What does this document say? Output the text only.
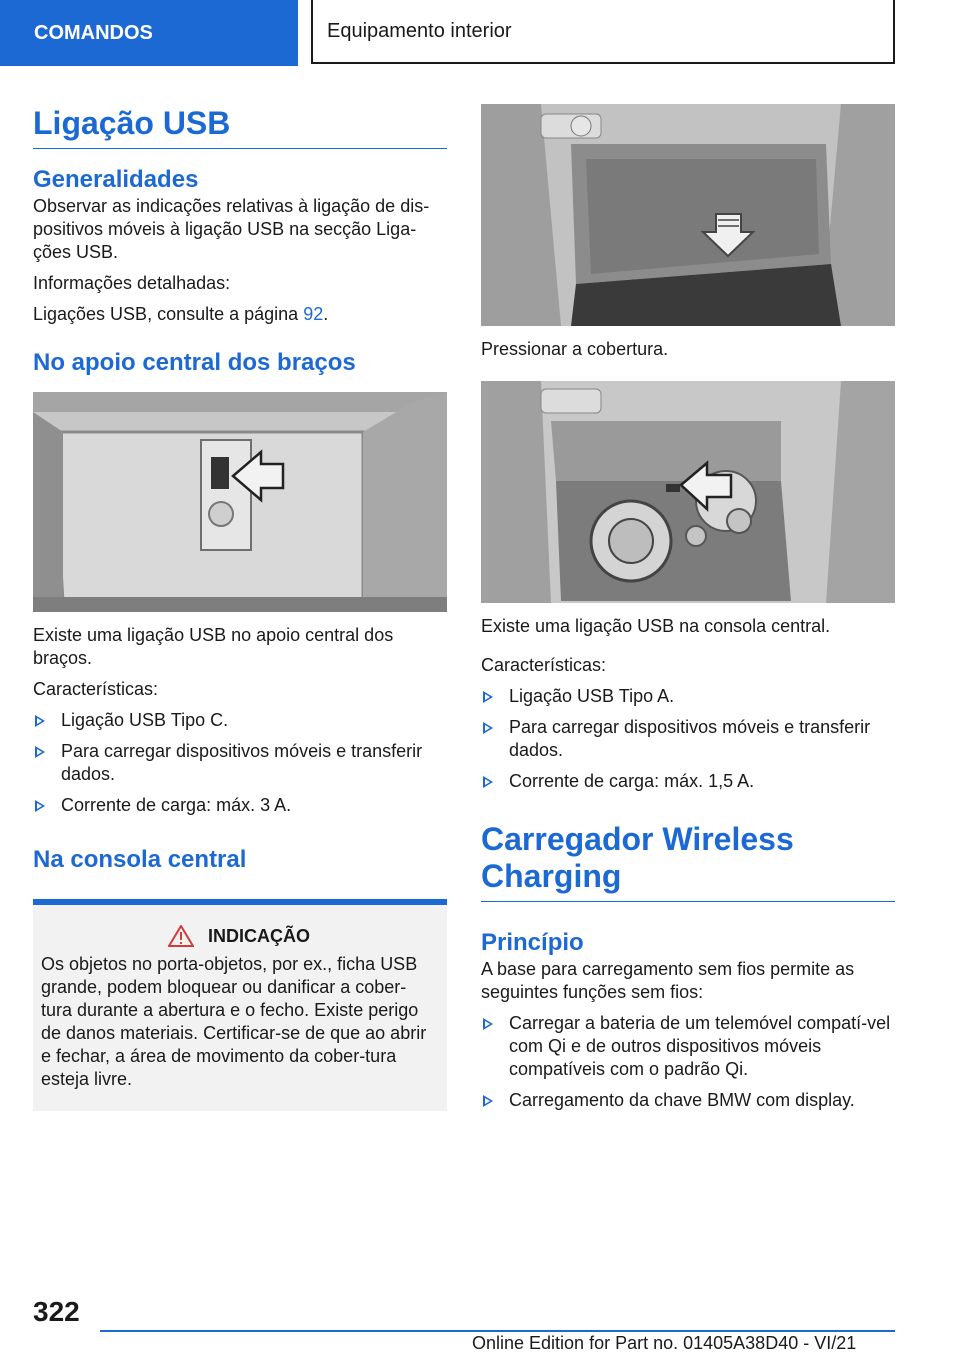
COMANDOS	Equipamento interior
Ligação USB
Generalidades

Observar as indicações relativas à ligação de dis-positivos móveis à ligação USB na secção Liga-ções USB.

Informações detalhadas:

Ligações USB, consulte a página 92.

No apoio central dos braços

Existe uma ligação USB no apoio central dos braços.

Características:

Ligação USB Tipo C.
Para carregar dispositivos móveis e transferir dados.
Corrente de carga: máx. 3 A.
Na consola central
INDICAÇÃO

Os objetos no porta-objetos, por ex., ficha USB grande, podem bloquear ou danificar a cober-tura durante a abertura e o fecho. Existe perigo de danos materiais. Certificar-se de que ao abrir e fechar, a área de movimento da cober-tura esteja livre.

Pressionar a cobertura.

Existe uma ligação USB na consola central.

Características:

Ligação USB Tipo A.
Para carregar dispositivos móveis e transferir dados.
Corrente de carga: máx. 1,5 A.
Carregador Wireless
Charging
Princípio

A base para carregamento sem fios permite as seguintes funções sem fios:

Carregar a bateria de um telemóvel compatí-vel com Qi e de outros dispositivos móveis compatíveis com o padrão Qi.
Carregamento da chave BMW com display.
322
Online Edition for Part no. 01405A38D40 - VI/21
